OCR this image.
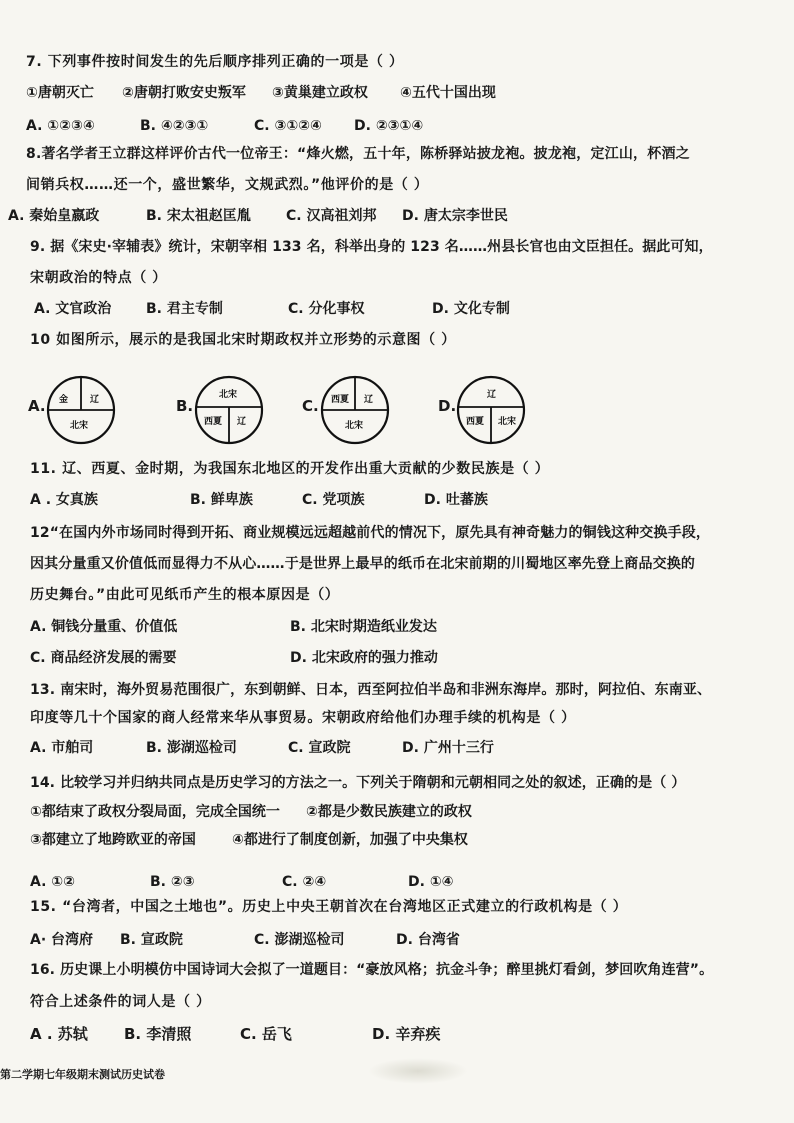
7. 下列事件按时间发生的先后顺序排列正确的一项是（ ）
①唐朝灭亡 ②唐朝打败安史叛军 ③黄巢建立政权 ④五代十国出现
A. ①②③④	B. ④②③①	C. ③①②④ D. ②③①④
8.著名学者王立群这样评价古代一位帝王：“烽火燃，五十年，陈桥驿站披龙袍。披龙袍，定江山，杯酒之
间销兵权……还一个，盛世繁华，文规武烈。”他评价的是（ ）
A. 秦始皇嬴政	B. 宋太祖赵匡胤	C. 汉高祖刘邦 D. 唐太宗李世民
9. 据《宋史·宰辅表》统计，宋朝宰相 133 名，科举出身的 123 名……州县长官也由文臣担任。据此可知，
宋朝政治的特点（ ）
A. 文官政治 B. 君主专制	C. 分化事权	D. 文化专制
10 如图所示，展示的是我国北宋时期政权并立形势的示意图（ ）
A. 金 辽
北宋
B.
北宋
西夏 辽
C. 西夏 辽
北宋
D.
辽
西夏 北宋
11. 辽、西夏、金时期，为我国东北地区的开发作出重大贡献的少数民族是（ ）
A . 女真族	B. 鲜卑族	C. 党项族	D. 吐蕃族
12“在国内外市场同时得到开拓、商业规模远远超越前代的情况下，原先具有神奇魅力的铜钱这种交换手段，
因其分量重又价值低而显得力不从心……于是世界上最早的纸币在北宋前期的川蜀地区率先登上商品交换的
历史舞台。”由此可见纸币产生的根本原因是（）
A. 铜钱分量重、价值低	B. 北宋时期造纸业发达
C. 商品经济发展的需要	D. 北宋政府的强力推动
13. 南宋时，海外贸易范围很广，东到朝鲜、日本，西至阿拉伯半岛和非洲东海岸。那时，阿拉伯、东南亚、
印度等几十个国家的商人经常来华从事贸易。宋朝政府给他们办理手续的机构是（ ）
A. 市舶司	B. 澎湖巡检司	C. 宣政院	D. 广州十三行
14. 比较学习并归纳共同点是历史学习的方法之一。下列关于隋朝和元朝相同之处的叙述，正确的是（ ）
①都结束了政权分裂局面，完成全国统一 ②都是少数民族建立的政权
③都建立了地跨欧亚的帝国	④都进行了制度创新，加强了中央集权
A. ①②	B. ②③	C. ②④	D. ①④
15. “台湾者，中国之土地也”。历史上中央王朝首次在台湾地区正式建立的行政机构是（ ）
A· 台湾府 B. 宣政院	C. 澎湖巡检司	D. 台湾省
16. 历史课上小明模仿中国诗词大会拟了一道题目：“豪放风格；抗金斗争；醉里挑灯看剑，梦回吹角连营”。
符合上述条件的词人是（ ）
A . 苏轼 B. 李清照	C. 岳飞	D. 辛弃疾
第二学期七年级期末测试历史试卷
